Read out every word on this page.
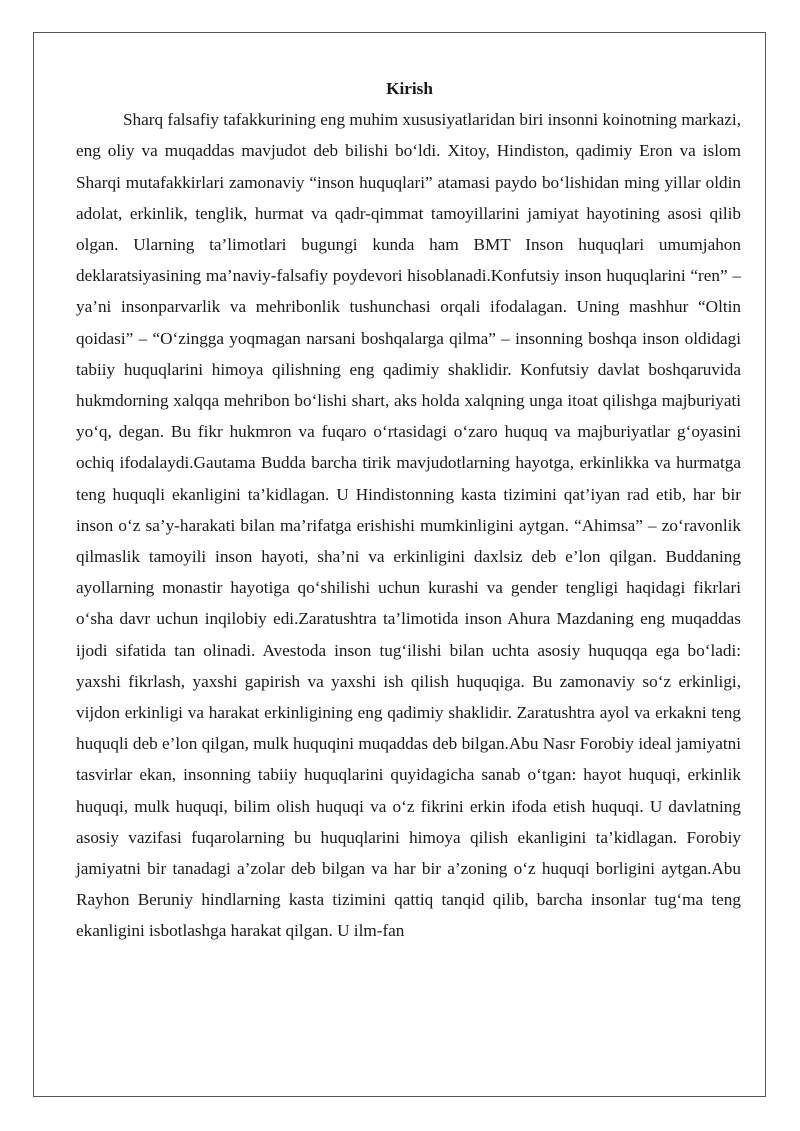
Kirish

Sharq falsafiy tafakkurining eng muhim xususiyatlaridan biri insonni koinotning markazi, eng oliy va muqaddas mavjudot deb bilishi bo‘ldi. Xitoy, Hindiston, qadimiy Eron va islom Sharqi mutafakkirlari zamonaviy “inson huquqlari” atamasi paydo bo‘lishidan ming yillar oldin adolat, erkinlik, tenglik, hurmat va qadr-qimmat tamoyillarini jamiyat hayotining asosi qilib olgan. Ularning ta’limotlari bugungi kunda ham BMT Inson huquqlari umumjahon deklaratsiyasining ma’naviy-falsafiy poydevori hisoblanadi.Konfutsiy inson huquqlarini “ren” – ya’ni insonparvarlik va mehribonlik tushunchasi orqali ifodalagan. Uning mashhur “Oltin qoidasi” – “O‘zingga yoqmagan narsani boshqalarga qilma” – insonning boshqa inson oldidagi tabiiy huquqlarini himoya qilishning eng qadimiy shaklidir. Konfutsiy davlat boshqaruvida hukmdorning xalqqa mehribon bo‘lishi shart, aks holda xalqning unga itoat qilishga majburiyati yo‘q, degan. Bu fikr hukmron va fuqaro o‘rtasidagi o‘zaro huquq va majburiyatlar g‘oyasini ochiq ifodalaydi.Gautama Budda barcha tirik mavjudotlarning hayotga, erkinlikka va hurmatga teng huquqli ekanligini ta’kidlagan. U Hindistonning kasta tizimini qat’iyan rad etib, har bir inson o‘z sa’y-harakati bilan ma’rifatga erishishi mumkinligini aytgan. “Ahimsa” – zo‘ravonlik qilmaslik tamoyili inson hayoti, sha’ni va erkinligini daxlsiz deb e’lon qilgan. Buddaning ayollarning monastir hayotiga qo‘shilishi uchun kurashi va gender tengligi haqidagi fikrlari o‘sha davr uchun inqilobiy edi.Zaratushtra ta’limotida inson Ahura Mazdaning eng muqaddas ijodi sifatida tan olinadi. Avestoda inson tug‘ilishi bilan uchta asosiy huquqqa ega bo‘ladi: yaxshi fikrlash, yaxshi gapirish va yaxshi ish qilish huquqiga. Bu zamonaviy so‘z erkinligi, vijdon erkinligi va harakat erkinligining eng qadimiy shaklidir. Zaratushtra ayol va erkakni teng huquqli deb e’lon qilgan, mulk huquqini muqaddas deb bilgan.Abu Nasr Forobiy ideal jamiyatni tasvirlar ekan, insonning tabiiy huquqlarini quyidagicha sanab o‘tgan: hayot huquqi, erkinlik huquqi, mulk huquqi, bilim olish huquqi va o‘z fikrini erkin ifoda etish huquqi. U davlatning asosiy vazifasi fuqarolarning bu huquqlarini himoya qilish ekanligini ta’kidlagan. Forobiy jamiyatni bir tanadagi a’zolar deb bilgan va har bir a’zoning o‘z huquqi borligini aytgan.Abu Rayhon Beruniy hindlarning kasta tizimini qattiq tanqid qilib, barcha insonlar tug‘ma teng ekanligini isbotlashga harakat qilgan. U ilm-fan
